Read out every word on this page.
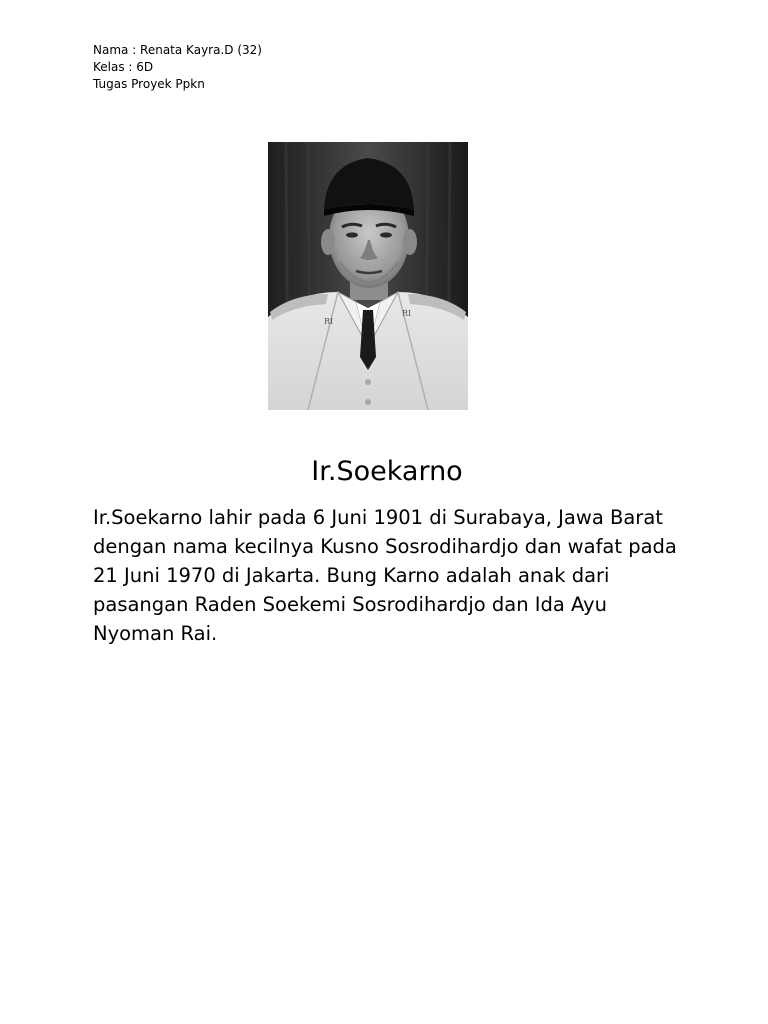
Nama : Renata Kayra.D (32)
Kelas : 6D
Tugas Proyek Ppkn
RI
RI
Ir.Soekarno

Ir.Soekarno lahir pada 6 Juni 1901 di Surabaya, Jawa Barat dengan nama kecilnya Kusno Sosrodihardjo dan wafat pada 21 Juni 1970 di Jakarta. Bung Karno adalah anak dari pasangan Raden Soekemi Sosrodihardjo dan Ida Ayu Nyoman Rai.
